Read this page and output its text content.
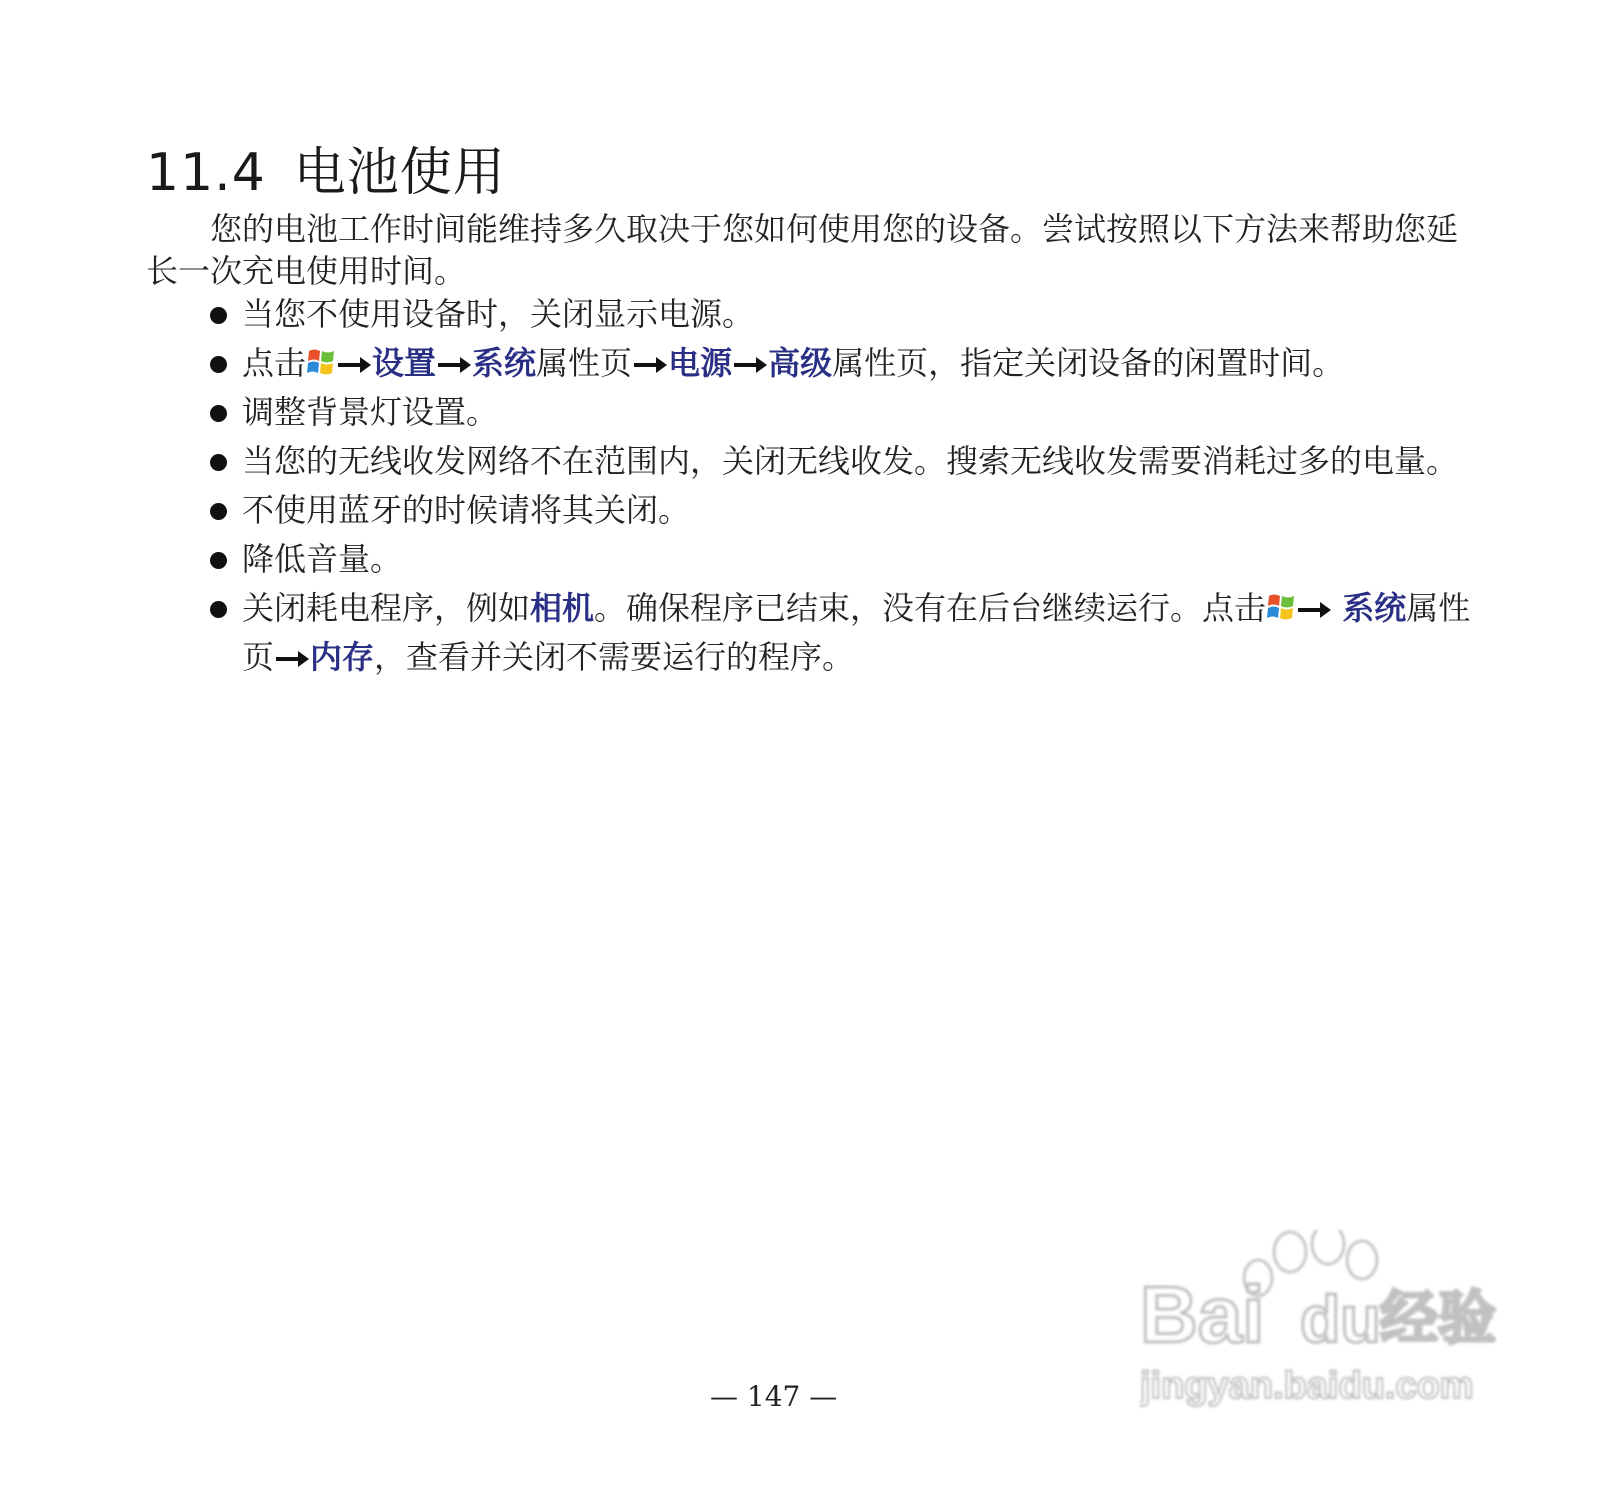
11.4 电池使用
您的电池工作时间能维持多久取决于您如何使用您的设备。尝试按照以下方法来帮助您延长一次充电使用时间。
当您不使用设备时，关闭显示电源。
点击 设置 系统属性页 电源 高级属性页，指定关闭设备的闲置时间。
调整背景灯设置。
当您的无线收发网络不在范围内，关闭无线收发。搜索无线收发需要消耗过多的电量。
不使用蓝牙的时候请将其关闭。
降低音量。
关闭耗电程序，例如相机。确保程序已结束，没有在后台继续运行。点击 系统属性页 内存，查看并关闭不需要运行的程序。
— 147 —
Bai du 经验
jingyan.baidu.com
